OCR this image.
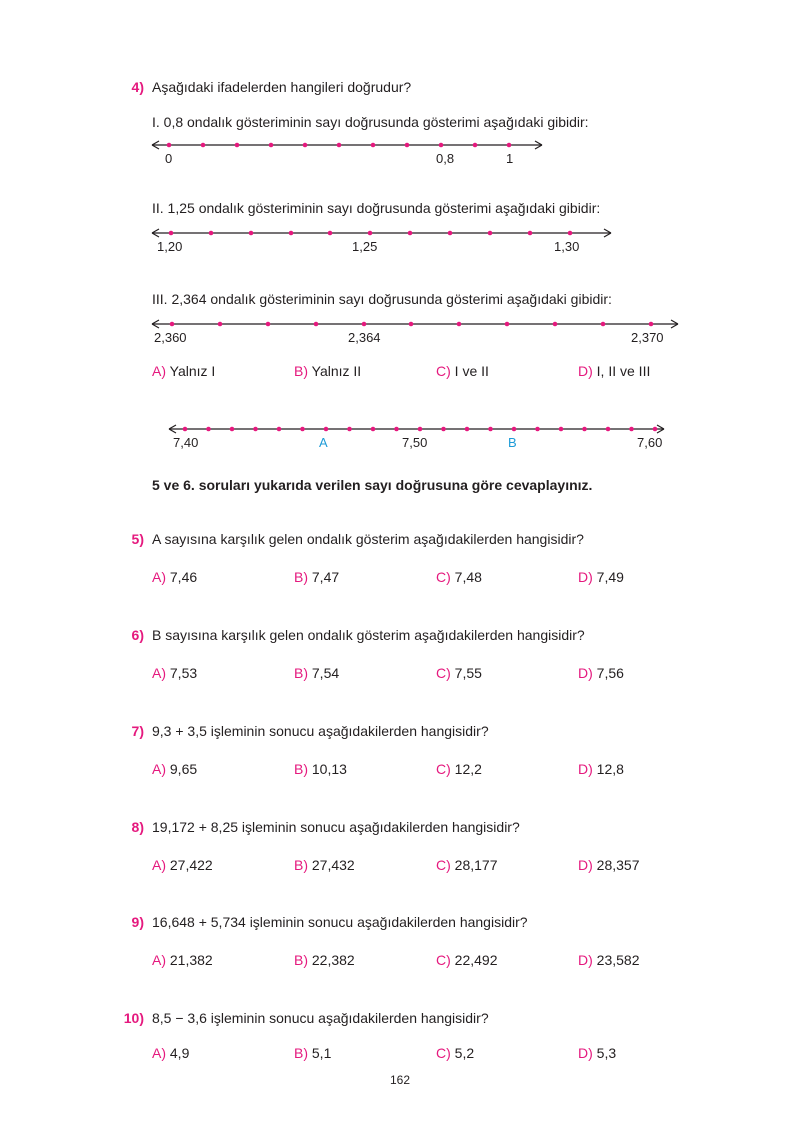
4) Aşağıdaki ifadelerden hangileri doğrudur?
I. 0,8 ondalık gösteriminin sayı doğrusunda gösterimi aşağıdaki gibidir:
0	0,8	1
II. 1,25 ondalık gösteriminin sayı doğrusunda gösterimi aşağıdaki gibidir:
1,20	1,25	1,30
III. 2,364 ondalık gösteriminin sayı doğrusunda gösterimi aşağıdaki gibidir:
2,360	2,364	2,370
A) Yalnız I	B) Yalnız II	C) I ve II	D) I, II ve III
7,40	A	7,50	B	7,60
5 ve 6. soruları yukarıda verilen sayı doğrusuna göre cevaplayınız.
5) A sayısına karşılık gelen ondalık gösterim aşağıdakilerden hangisidir?
A) 7,46	B) 7,47	C) 7,48	D) 7,49
6) B sayısına karşılık gelen ondalık gösterim aşağıdakilerden hangisidir?
A) 7,53	B) 7,54	C) 7,55	D) 7,56
7) 9,3 + 3,5 işleminin sonucu aşağıdakilerden hangisidir?
A) 9,65	B) 10,13	C) 12,2	D) 12,8
8) 19,172 + 8,25 işleminin sonucu aşağıdakilerden hangisidir?
A) 27,422	B) 27,432	C) 28,177	D) 28,357
9) 16,648 + 5,734 işleminin sonucu aşağıdakilerden hangisidir?
A) 21,382	B) 22,382	C) 22,492	D) 23,582
10) 8,5 − 3,6 işleminin sonucu aşağıdakilerden hangisidir?
A) 4,9	B) 5,1	C) 5,2	D) 5,3
162
